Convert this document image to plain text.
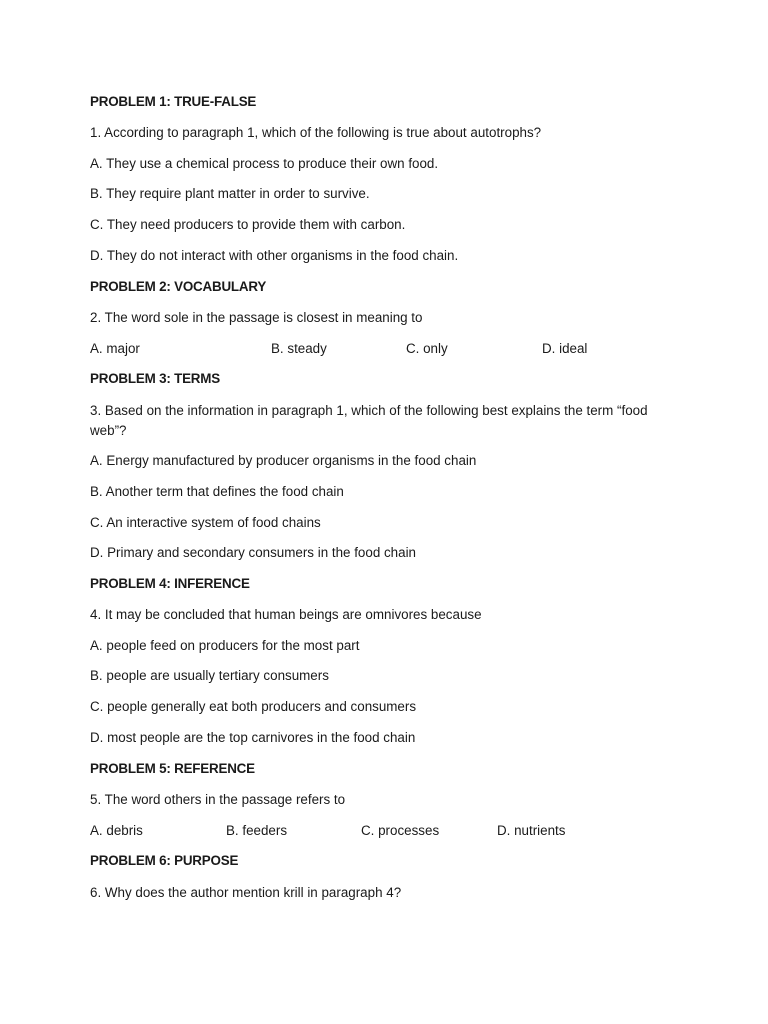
PROBLEM 1: TRUE-FALSE
1. According to paragraph 1, which of the following is true about autotrophs?
A. They use a chemical process to produce their own food.
B. They require plant matter in order to survive.
C. They need producers to provide them with carbon.
D. They do not interact with other organisms in the food chain.
PROBLEM 2: VOCABULARY
2. The word sole in the passage is closest in meaning to
A. major	B. steady	C. only	D. ideal
PROBLEM 3: TERMS
3. Based on the information in paragraph 1, which of the following best explains the term “food web”?
A. Energy manufactured by producer organisms in the food chain
B. Another term that defines the food chain
C. An interactive system of food chains
D. Primary and secondary consumers in the food chain
PROBLEM 4: INFERENCE
4. It may be concluded that human beings are omnivores because
A. people feed on producers for the most part
B. people are usually tertiary consumers
C. people generally eat both producers and consumers
D. most people are the top carnivores in the food chain
PROBLEM 5: REFERENCE
5. The word others in the passage refers to
A. debris	B. feeders	C. processes	D. nutrients
PROBLEM 6: PURPOSE
6. Why does the author mention krill in paragraph 4?
